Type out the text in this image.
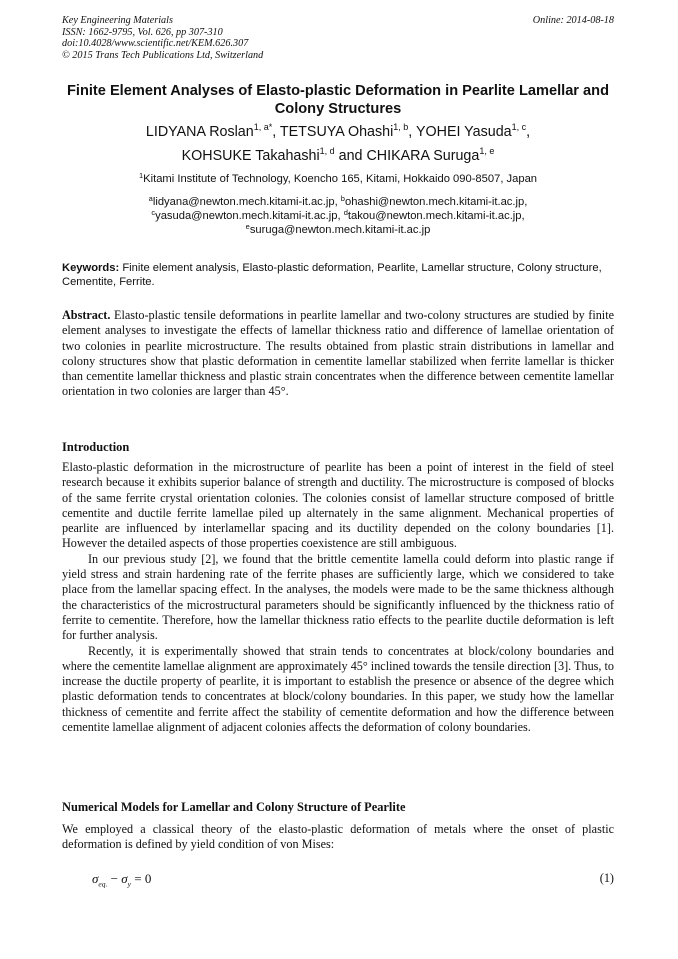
Key Engineering Materials
ISSN: 1662-9795, Vol. 626, pp 307-310
doi:10.4028/www.scientific.net/KEM.626.307
© 2015 Trans Tech Publications Ltd, Switzerland
Online: 2014-08-18
Finite Element Analyses of Elasto-plastic Deformation in Pearlite Lamellar and Colony Structures
LIDYANA Roslan$^{1, a*}$, TETSUYA Ohashi$^{1, b}$, YOHEI Yasuda$^{1, c}$,
KOHSUKE Takahashi$^{1, d}$ and CHIKARA Suruga$^{1, e}$
$^1$Kitami Institute of Technology, Koencho 165, Kitami, Hokkaido 090-8507, Japan
$^a$lidyana@newton.mech.kitami-it.ac.jp, $^b$ohashi@newton.mech.kitami-it.ac.jp,
$^c$yasuda@newton.mech.kitami-it.ac.jp, $^d$takou@newton.mech.kitami-it.ac.jp,
$^e$suruga@newton.mech.kitami-it.ac.jp
Keywords: Finite element analysis, Elasto-plastic deformation, Pearlite, Lamellar structure, Colony structure, Cementite, Ferrite.
Abstract. Elasto-plastic tensile deformations in pearlite lamellar and two-colony structures are studied by finite element analyses to investigate the effects of lamellar thickness ratio and difference of lamellae orientation of two colonies in pearlite microstructure. The results obtained from plastic strain distributions in lamellar and colony structures show that plastic deformation in cementite lamellar stabilized when ferrite lamellar is thicker than cementite lamellar thickness and plastic strain concentrates when the difference between cementite lamellar orientation in two colonies are larger than 45°.
Introduction

Elasto-plastic deformation in the microstructure of pearlite has been a point of interest in the field of steel research because it exhibits superior balance of strength and ductility. The microstructure is composed of blocks of the same ferrite crystal orientation colonies. The colonies consist of lamellar structure composed of brittle cementite and ductile ferrite lamellae piled up alternately in the same alignment. Mechanical properties of pearlite are influenced by interlamellar spacing and its ductility depended on the colony boundaries [1]. However the detailed aspects of those properties coexistence are still ambiguous.

In our previous study [2], we found that the brittle cementite lamella could deform into plastic range if yield stress and strain hardening rate of the ferrite phases are sufficiently large, which we considered to take place from the lamellar spacing effect. In the analyses, the models were made to be the same thickness although the characteristics of the microstructural parameters should be significantly influenced by the thickness ratio of ferrite to cementite. Therefore, how the lamellar thickness ratio effects to the pearlite ductile deformation is left for further analysis.

Recently, it is experimentally showed that strain tends to concentrates at block/colony boundaries and where the cementite lamellae alignment are approximately 45° inclined towards the tensile direction [3]. Thus, to increase the ductile property of pearlite, it is important to establish the presence or absence of the degree which plastic deformation tends to concentrates at block/colony boundaries. In this paper, we study how the lamellar thickness of cementite and ferrite affect the stability of cementite deformation and how the difference between cementite lamellae alignment of adjacent colonies affects the deformation of colony boundaries.

Numerical Models for Lamellar and Colony Structure of Pearlite
We employed a classical theory of the elasto-plastic deformation of metals where the onset of plastic deformation is defined by yield condition of von Mises:
$\sigma_{eq.} - \sigma_y = 0$	(1)
